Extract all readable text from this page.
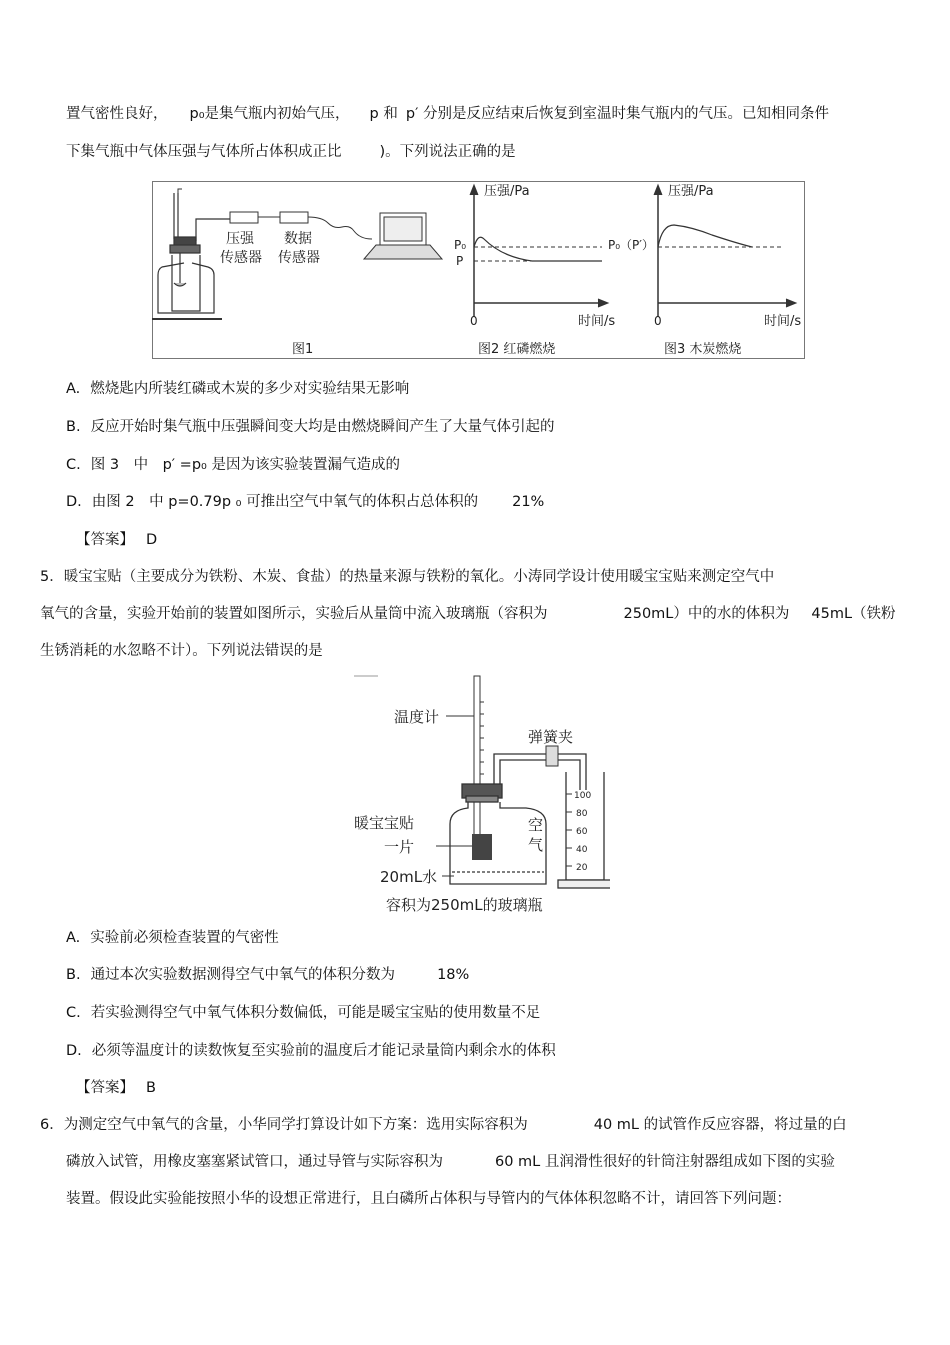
置气密性良好， p₀是集气瓶内初始气压， p 和 p′ 分别是反应结束后恢复到室温时集气瓶内的气压。已知相同条件
下集气瓶中气体压强与气体所占体积成正比	)。下列说法正确的是
压强
传感器
数据
传感器
压强/Pa
P₀
P
0	时间/s
压强/Pa
P₀（P′）
0	时间/s
图1	图2 红磷燃烧	图3 木炭燃烧
A. 燃烧匙内所装红磷或木炭的多少对实验结果无影响
B. 反应开始时集气瓶中压强瞬间变大均是由燃烧瞬间产生了大量气体引起的
C. 图 3　中　p′ =p₀ 是因为该实验装置漏气造成的
D. 由图 2　中 p=0.79p ₀ 可推出空气中氧气的体积占总体积的 21%
【答案】 D
5．暖宝宝贴（主要成分为铁粉、木炭、食盐）的热量来源与铁粉的氧化。小涛同学设计使用暖宝宝贴来测定空气中
氧气的含量，实验开始前的装置如图所示，实验后从量筒中流入玻璃瓶（容积为	250mL）中的水的体积为 45mL（铁粉
生锈消耗的水忽略不计）。下列说法错误的是
温度计
暖宝宝贴
一片
20mL水
空
气
弹簧夹
100
80
60
40
20
容积为250mL的玻璃瓶
A. 实验前必须检查装置的气密性
B. 通过本次实验数据测得空气中氧气的体积分数为	18%
C. 若实验测得空气中氧气体积分数偏低，可能是暖宝宝贴的使用数量不足
D. 必须等温度计的读数恢复至实验前的温度后才能记录量筒内剩余水的体积
【答案】 B
6．为测定空气中氧气的含量，小华同学打算设计如下方案：选用实际容积为	40 mL 的试管作反应容器，将过量的白
磷放入试管，用橡皮塞塞紧试管口，通过导管与实际容积为	60 mL 且润滑性很好的针筒注射器组成如下图的实验
装置。假设此实验能按照小华的设想正常进行，且白磷所占体积与导管内的气体体积忽略不计，请回答下列问题：
